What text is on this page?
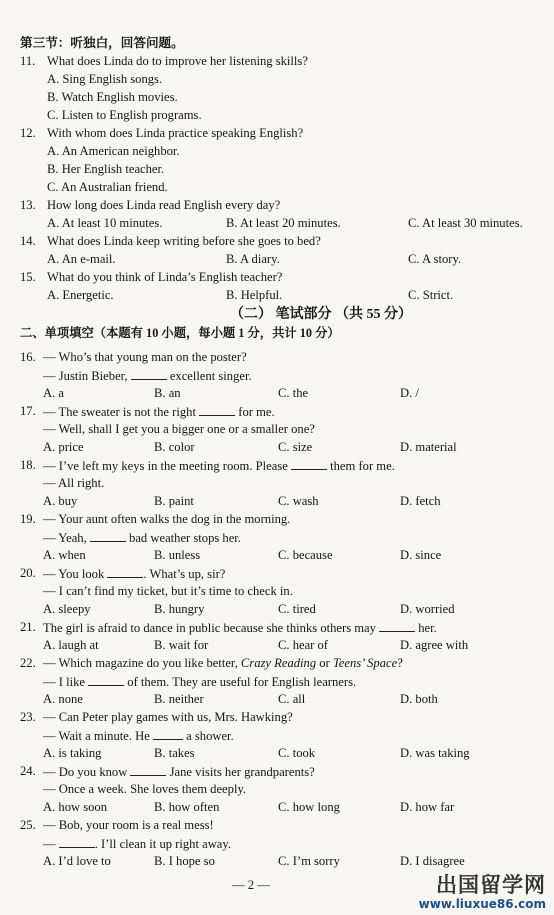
第三节：听独白，回答问题。
11. What does Linda do to improve her listening skills?
A. Sing English songs.
B. Watch English movies.
C. Listen to English programs.
12. With whom does Linda practice speaking English?
A. An American neighbor.
B. Her English teacher.
C. An Australian friend.
13. How long does Linda read English every day?
A. At least 10 minutes.	B. At least 20 minutes.	C. At least 30 minutes.
14. What does Linda keep writing before she goes to bed?
A. An e-mail.	B. A diary.	C. A story.
15. What do you think of Linda’s English teacher?
A. Energetic.	B. Helpful.	C. Strict.
（二） 笔试部分 （共 55 分）
二、单项填空（本题有 10 小题，每小题 1 分，共计 10 分）
16. — Who’s that young man on the poster?
— Justin Bieber,	excellent singer.
A. a	B. an	C. the	D. /
17. — The sweater is not the right	for me.
— Well, shall I get you a bigger one or a smaller one?
A. price	B. color	C. size	D. material
18. — I’ve left my keys in the meeting room. Please	them for me.
— All right.
A. buy	B. paint	C. wash	D. fetch
19. — Your aunt often walks the dog in the morning.
— Yeah,	bad weather stops her.
A. when	B. unless	C. because	D. since
20. — You look	. What’s up, sir?
— I can’t find my ticket, but it’s time to check in.
A. sleepy	B. hungry	C. tired	D. worried
21. The girl is afraid to dance in public because she thinks others may	her.
A. laugh at	B. wait for	C. hear of	D. agree with
22. — Which magazine do you like better, Crazy Reading or Teens’ Space?
— I like	of them. They are useful for English learners.
A. none	B. neither	C. all	D. both
23. — Can Peter play games with us, Mrs. Hawking?
— Wait a minute. He	a shower.
A. is taking	B. takes	C. took	D. was taking
24. — Do you know	Jane visits her grandparents?
— Once a week. She loves them deeply.
A. how soon	B. how often	C. how long	D. how far
25. — Bob, your room is a real mess!
—	. I’ll clean it up right away.
A. I’d love to	B. I hope so	C. I’m sorry	D. I disagree
— 2 —	出国留学网
www.liuxue86.com
